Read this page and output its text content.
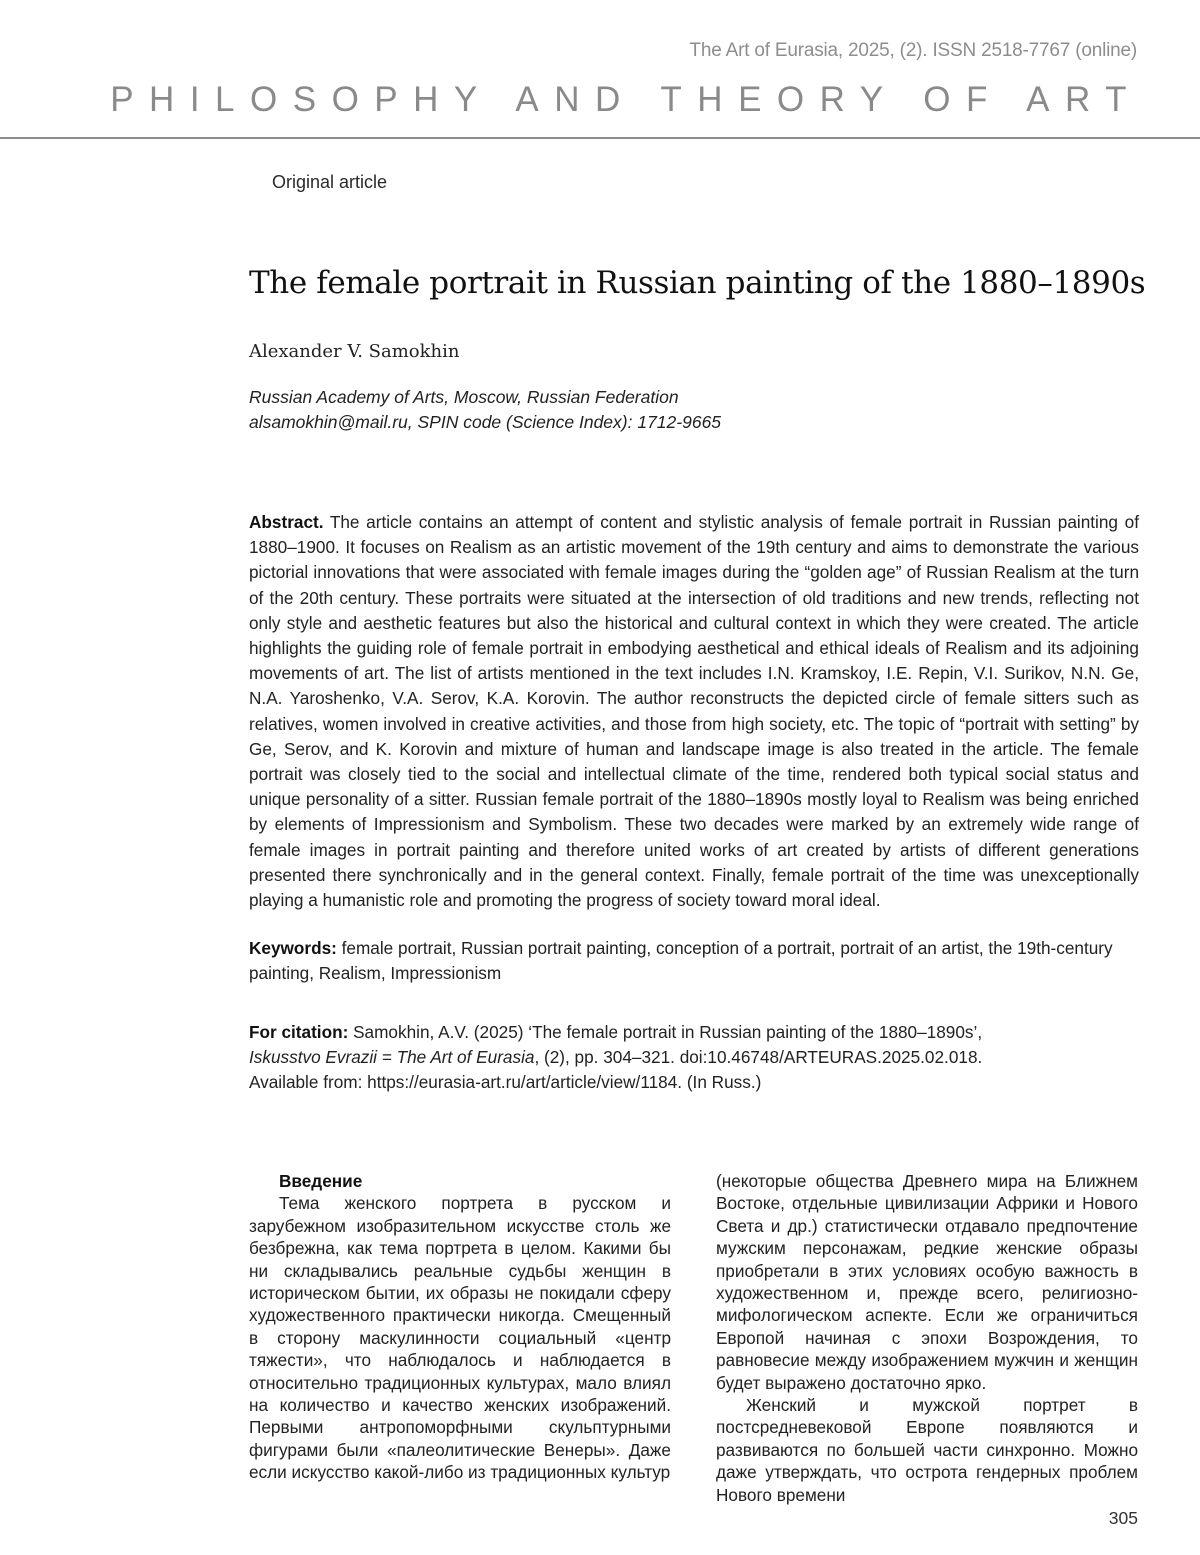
The Art of Eurasia, 2025, (2). ISSN 2518-7767 (online)
PHILOSOPHY AND THEORY OF ART
Original article
The female portrait in Russian painting of the 1880–1890s
Alexander V. Samokhin
Russian Academy of Arts, Moscow, Russian Federation
alsamokhin@mail.ru, SPIN code (Science Index): 1712-9665

Abstract. The article contains an attempt of content and stylistic analysis of female portrait in Russian painting of 1880–1900. It focuses on Realism as an artistic movement of the 19th century and aims to demonstrate the various pictorial innovations that were associated with female images during the “golden age” of Russian Realism at the turn of the 20th century. These portraits were situated at the intersection of old traditions and new trends, reflecting not only style and aesthetic features but also the historical and cultural context in which they were created. The article highlights the guiding role of female portrait in embodying aesthetical and ethical ideals of Realism and its adjoining movements of art. The list of artists mentioned in the text includes I.N. Kramskoy, I.E. Repin, V.I. Surikov, N.N. Ge, N.A. Yaroshenko, V.A. Serov, K.A. Korovin. The author reconstructs the depicted circle of female sitters such as relatives, women involved in creative activities, and those from high society, etc. The topic of “portrait with setting” by Ge, Serov, and K. Korovin and mixture of human and landscape image is also treated in the article. The female portrait was closely tied to the social and intellectual climate of the time, rendered both typical social status and unique personality of a sitter. Russian female portrait of the 1880–1890s mostly loyal to Realism was being enriched by elements of Impressionism and Symbolism. These two decades were marked by an extremely wide range of female images in portrait painting and therefore united works of art created by artists of different generations presented there synchronically and in the general context. Finally, female portrait of the time was unexceptionally playing a humanistic role and promoting the progress of society toward moral ideal.

Keywords: female portrait, Russian portrait painting, conception of a portrait, portrait of an artist, the 19th-century painting, Realism, Impressionism

For citation: Samokhin, A.V. (2025) ‘The female portrait in Russian painting of the 1880–1890s’,
Iskusstvo Evrazii = The Art of Eurasia, (2), pp. 304–321. doi:10.46748/ARTEURAS.2025.02.018.
Available from: https://eurasia-art.ru/art/article/view/1184. (In Russ.)

Введение

Тема женского портрета в русском и зарубежном изобразительном искусстве столь же безбрежна, как тема портрета в целом. Какими бы ни складывались реальные судьбы женщин в историческом бытии, их образы не покидали сферу художественного практически никогда. Смещенный в сторону маскулинности социальный «центр тяжести», что наблюдалось и наблюдается в относительно традиционных культурах, мало влиял на количество и качество женских изображений. Первыми антропоморфными скульптурными фигурами были «палеолитические Венеры». Даже если искусство какой-либо из традиционных культур

(некоторые общества Древнего мира на Ближнем Востоке, отдельные цивилизации Африки и Нового Света и др.) статистически отдавало предпочтение мужским персонажам, редкие женские образы приобретали в этих условиях особую важность в художественном и, прежде всего, религиозно-мифологическом аспекте. Если же ограничиться Европой начиная с эпохи Возрождения, то равновесие между изображением мужчин и женщин будет выражено достаточно ярко.

Женский и мужской портрет в постсредневековой Европе появляются и развиваются по большей части синхронно. Можно даже утверждать, что острота гендерных проблем Нового времени

305
